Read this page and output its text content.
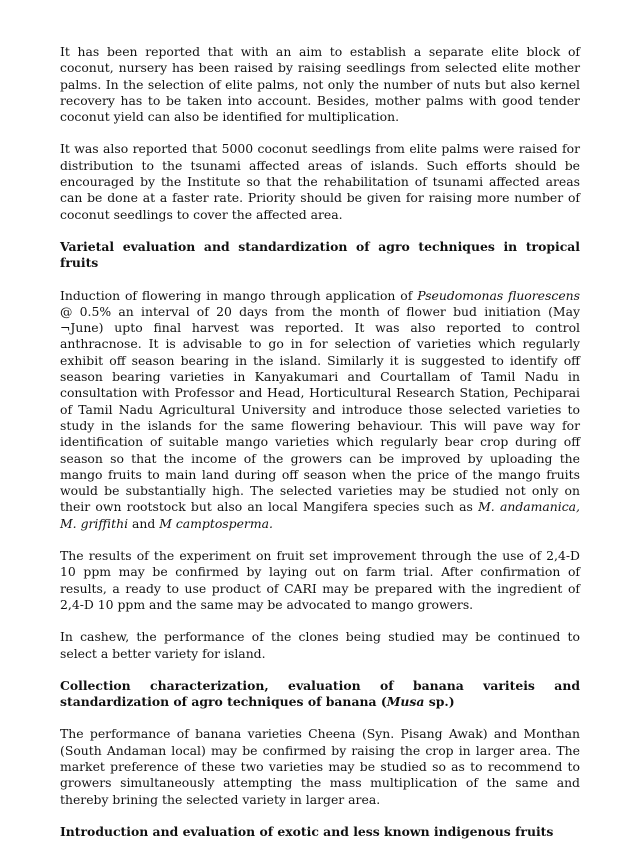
It has been reported that with an aim to establish a separate elite block of coconut, nursery has been raised by raising seedlings from selected elite mother palms. In the selection of elite palms, not only the number of nuts but also kernel recovery has to be taken into account. Besides, mother palms with good tender coconut yield can also be identified for multiplication.

It was also reported that 5000 coconut seedlings from elite palms were raised for distribution to the tsunami affected areas of islands. Such efforts should be encouraged by the Institute so that the rehabilitation of tsunami affected areas can be done at a faster rate. Priority should be given for raising more number of coconut seedlings to cover the affected area.

Varietal evaluation and standardization of agro techniques in tropical fruits

Induction of flowering in mango through application of Pseudomonas fluorescens @ 0.5% an interval of 20 days from the month of flower bud initiation (May ¬June) upto final harvest was reported. It was also reported to control anthracnose. It is advisable to go in for selection of varieties which regularly exhibit off season bearing in the island. Similarly it is suggested to identify off season bearing varieties in Kanyakumari and Courtallam of Tamil Nadu in consultation with Professor and Head, Horticultural Research Station, Pechiparai of Tamil Nadu Agricultural University and introduce those selected varieties to study in the islands for the same flowering behaviour. This will pave way for identification of suitable mango varieties which regularly bear crop during off season so that the income of the growers can be improved by uploading the mango fruits to main land during off season when the price of the mango fruits would be substantially high. The selected varieties may be studied not only on their own rootstock but also an local Mangifera species such as M. andamanica, M. griffithi and M camptosperma.

The results of the experiment on fruit set improvement through the use of 2,4-D 10 ppm may be confirmed by laying out on farm trial. After confirmation of results, a ready to use product of CARI may be prepared with the ingredient of 2,4-D 10 ppm and the same may be advocated to mango growers.

In cashew, the performance of the clones being studied may be continued to select a better variety for island.

Collection characterization, evaluation of banana variteis and standardization of agro techniques of banana (Musa sp.)

The performance of banana varieties Cheena (Syn. Pisang Awak) and Monthan (South Andaman local) may be confirmed by raising the crop in larger area. The market preference of these two varieties may be studied so as to recommend to growers simultaneously attempting the mass multiplication of the same and thereby brining the selected variety in larger area.

Introduction and evaluation of exotic and less known indigenous fruits
